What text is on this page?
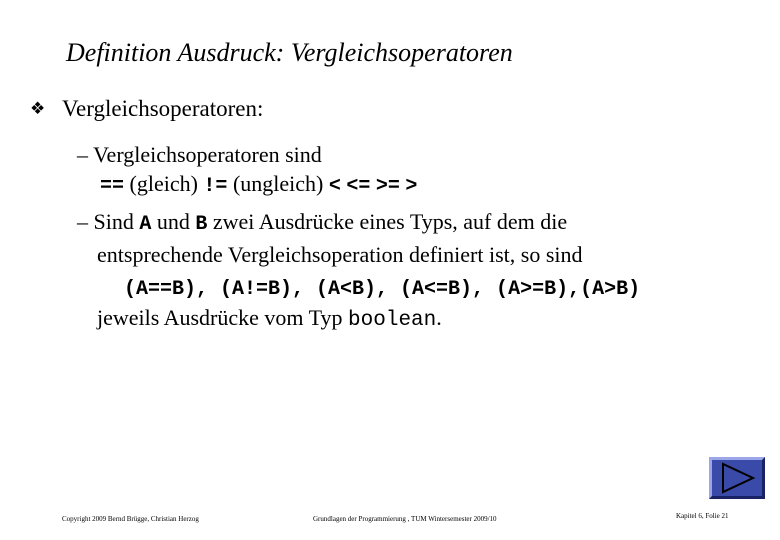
Definition Ausdruck: Vergleichsoperatoren
❖ Vergleichsoperatoren:
– Vergleichsoperatoren sind
== (gleich) != (ungleich) < <= >= >
– Sind A und B zwei Ausdrücke eines Typs, auf dem die
entsprechende Vergleichsoperation definiert ist, so sind
(A==B), (A!=B), (A<B), (A<=B), (A>=B),(A>B)
jeweils Ausdrücke vom Typ boolean.
Copyright 2009 Bernd Brügge, Christian Herzog	Grundlagen der Programmierung , TUM Wintersemester 2009/10	Kapitel 6, Folie 21
